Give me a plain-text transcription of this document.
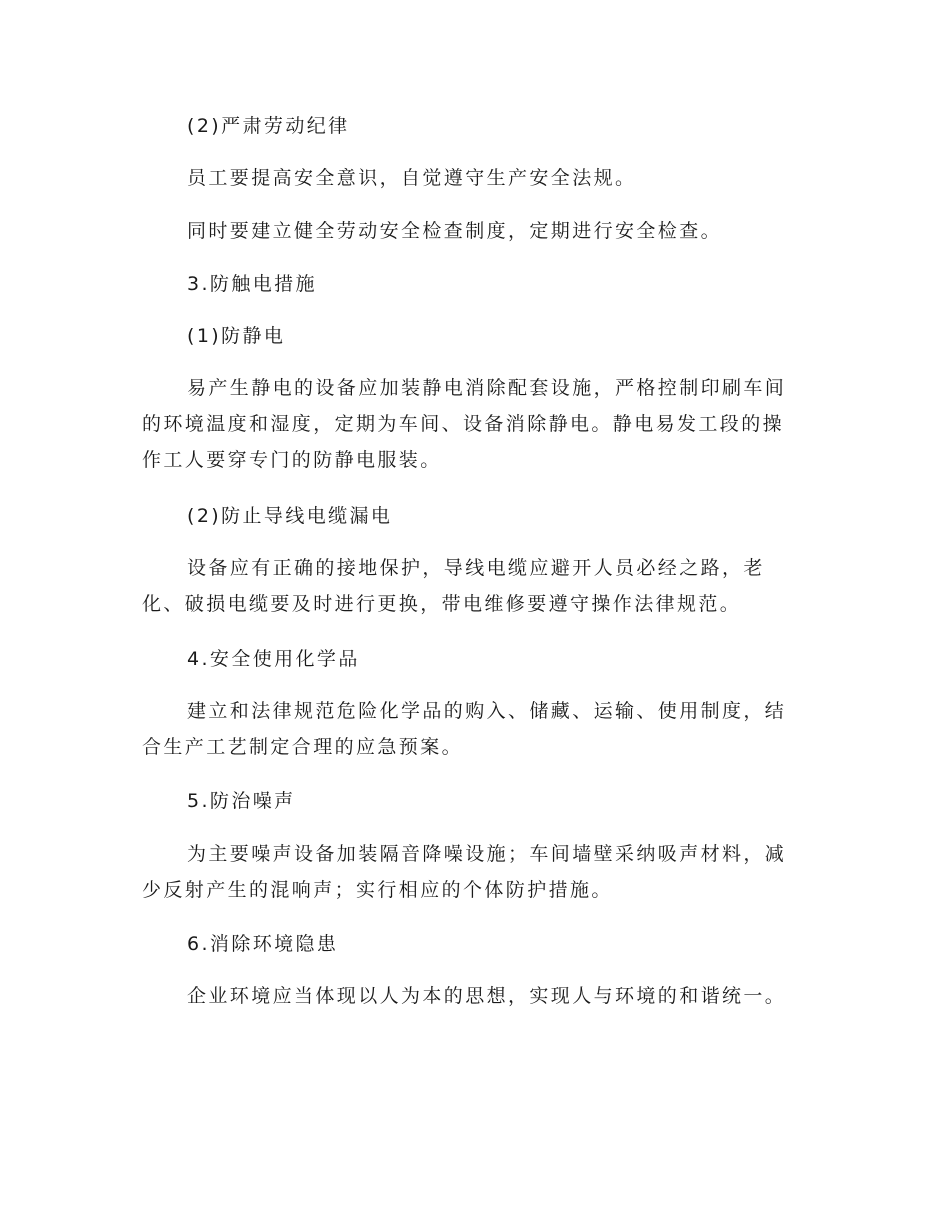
(2)严肃劳动纪律
员工要提高安全意识，自觉遵守生产安全法规。
同时要建立健全劳动安全检查制度，定期进行安全检查。
3.防触电措施
(1)防静电
易产生静电的设备应加装静电消除配套设施，严格控制印刷车间的环境温度和湿度，定期为车间、设备消除静电。静电易发工段的操作工人要穿专门的防静电服装。
(2)防止导线电缆漏电
设备应有正确的接地保护，导线电缆应避开人员必经之路，老化、破损电缆要及时进行更换，带电维修要遵守操作法律规范。
4.安全使用化学品
建立和法律规范危险化学品的购入、储藏、运输、使用制度，结合生产工艺制定合理的应急预案。
5.防治噪声
为主要噪声设备加装隔音降噪设施；车间墙壁采纳吸声材料，减少反射产生的混响声；实行相应的个体防护措施。
6.消除环境隐患
企业环境应当体现以人为本的思想，实现人与环境的和谐统一。
